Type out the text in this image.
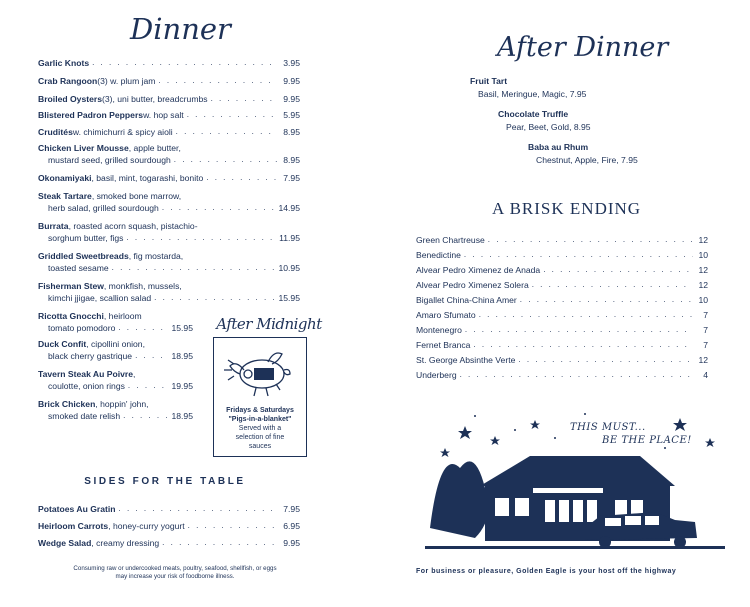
Dinner
Garlic Knots . . .	3.95
Crab Rangoon (3) w. plum jam . . .	9.95
Broiled Oysters (3), uni butter, breadcrumbs . . .	9.95
Blistered Padron Peppers w. hop salt . . .	5.95
Crudités w. chimichurri & spicy aioli . . .	8.95
Chicken Liver Mousse , apple butter,
mustard seed, grilled sourdough . . .	8.95
Okonamiyaki , basil, mint, togarashi, bonito . . .	7.95
Steak Tartare , smoked bone marrow,
herb salad, grilled sourdough . . .	14.95
Burrata , roasted acorn squash, pistachio-
sorghum butter, figs . . .	11.95
Griddled Sweetbreads , fig mostarda,
toasted sesame . . .	10.95
Fisherman Stew , monkfish, mussels,
kimchi jjigae, scallion salad . . .	15.95
Ricotta Gnocchi , heirloom
tomato pomodoro . . .	15.95
Duck Confit , cipollini onion,
black cherry gastrique . . .	18.95
Tavern Steak Au Poivre ,
coulotte, onion rings . . .	19.95
Brick Chicken , hoppin' john,
smoked date relish . . .	18.95
After Midnight
Fridays & Saturdays
"Pigs-in-a-blanket"
Served with a
selection of fine
sauces
SIDES FOR THE TABLE
Potatoes Au Gratin . . .	7.95
Heirloom Carrots , honey-curry yogurt . . .	6.95
Wedge Salad , creamy dressing . . .	9.95
Consuming raw or undercooked meats, poultry, seafood, shellfish, or eggs
may increase your risk of foodborne illness.
After Dinner
Fruit Tart
Basil, Meringue, Magic, 7.95
Chocolate Truffle
Pear, Beet, Gold, 8.95
Baba au Rhum
Chestnut, Apple, Fire, 7.95
A BRISK ENDING
Green Chartreuse . . .	12
Benedictine . . .	10
Alvear Pedro Ximenez de Anada . . .	12
Alvear Pedro Ximenez Solera . . .	12
Bigallet China-China Amer . . .	10
Amaro Sfumato . . .	7
Montenegro . . .	7
Fernet Branca . . .	7
St. George Absinthe Verte . . .	12
Underberg . . .	4
THIS MUST...
BE THE PLACE!
For business or pleasure, Golden Eagle is your host off the highway
